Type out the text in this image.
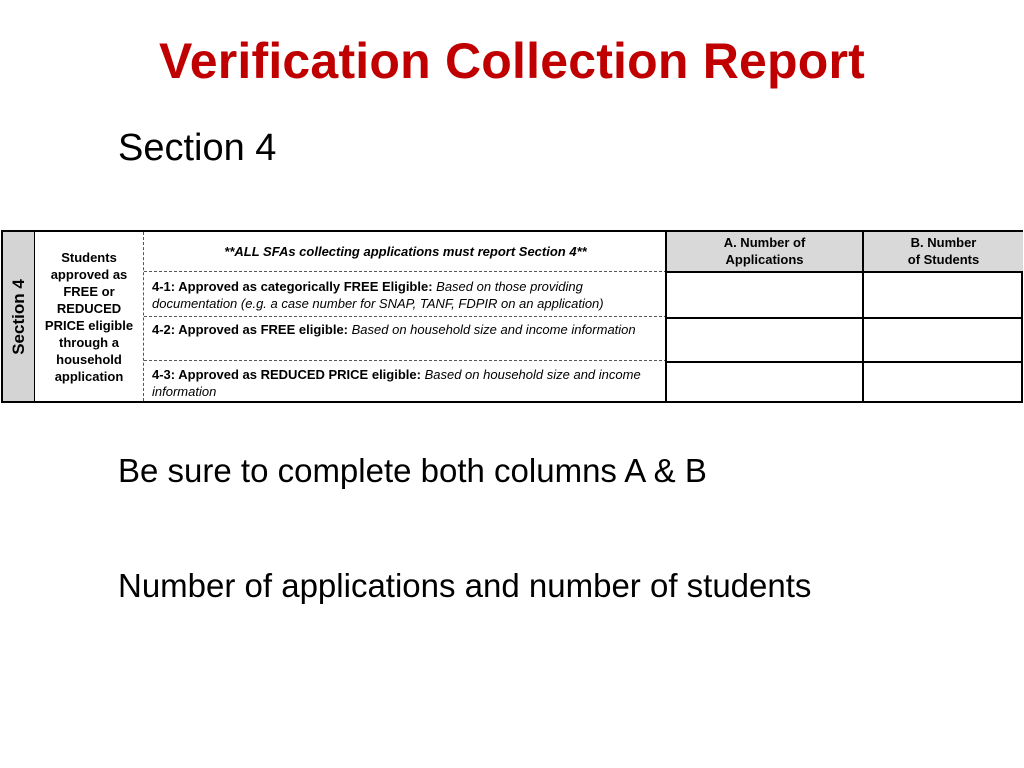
Verification Collection Report
Section 4
Section 4
Students approved as FREE or REDUCED PRICE eligible through a household application
**ALL SFAs collecting applications must report Section 4**
4-1: Approved as categorically FREE Eligible: Based on those providing documentation (e.g. a case number for SNAP, TANF, FDPIR on an application)
4-2: Approved as FREE eligible: Based on household size and income information
4-3: Approved as REDUCED PRICE eligible: Based on household size and income information
A. Number of
Applications
B. Number
of Students
Be sure to complete both columns A & B
Number of applications and number of students
